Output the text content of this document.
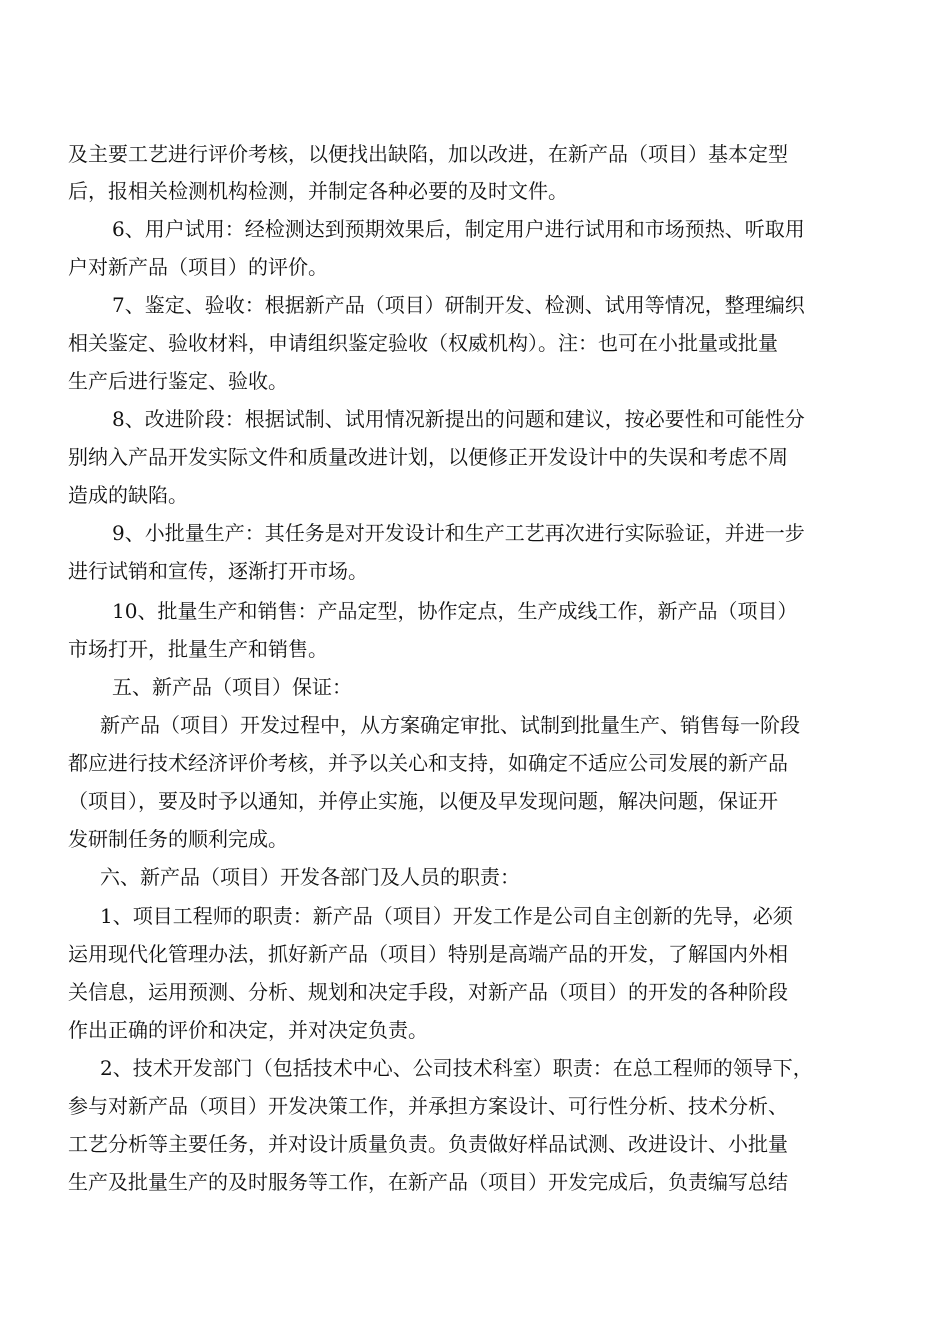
及主要工艺进行评价考核，以便找出缺陷，加以改进，在新产品（项目）基本定型
后，报相关检测机构检测，并制定各种必要的及时文件。
6、用户试用：经检测达到预期效果后，制定用户进行试用和市场预热、听取用
户对新产品（项目）的评价。
7、鉴定、验收：根据新产品（项目）研制开发、检测、试用等情况，整理编织
相关鉴定、验收材料，申请组织鉴定验收（权威机构）。注：也可在小批量或批量
生产后进行鉴定、验收。
8、改进阶段：根据试制、试用情况新提出的问题和建议，按必要性和可能性分
别纳入产品开发实际文件和质量改进计划，以便修正开发设计中的失误和考虑不周
造成的缺陷。
9、小批量生产：其任务是对开发设计和生产工艺再次进行实际验证，并进一步
进行试销和宣传，逐渐打开市场。
10、批量生产和销售：产品定型，协作定点，生产成线工作，新产品（项目）
市场打开，批量生产和销售。
五、新产品（项目）保证：
新产品（项目）开发过程中，从方案确定审批、试制到批量生产、销售每一阶段
都应进行技术经济评价考核，并予以关心和支持，如确定不适应公司发展的新产品
（项目），要及时予以通知，并停止实施，以便及早发现问题，解决问题，保证开
发研制任务的顺利完成。
六、新产品（项目）开发各部门及人员的职责：
1、项目工程师的职责：新产品（项目）开发工作是公司自主创新的先导，必须
运用现代化管理办法，抓好新产品（项目）特别是高端产品的开发，了解国内外相
关信息，运用预测、分析、规划和决定手段，对新产品（项目）的开发的各种阶段
作出正确的评价和决定，并对决定负责。
2、技术开发部门（包括技术中心、公司技术科室）职责：在总工程师的领导下，
参与对新产品（项目）开发决策工作，并承担方案设计、可行性分析、技术分析、
工艺分析等主要任务，并对设计质量负责。负责做好样品试测、改进设计、小批量
生产及批量生产的及时服务等工作，在新产品（项目）开发完成后，负责编写总结
